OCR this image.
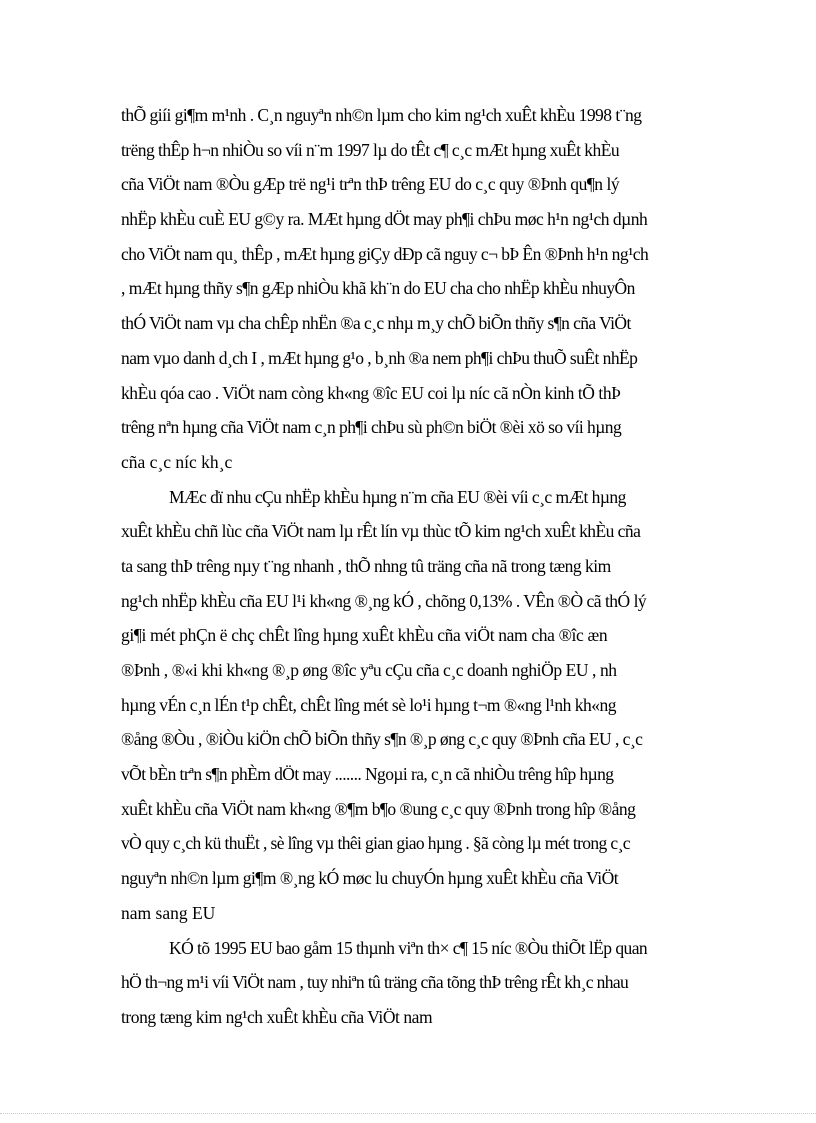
thÕ giíi gi¶m m¹nh . C¸n nguyªn nh©n lµm cho kim ng¹ch xuÊt khÈu 1998 t¨ng
trëng thÊp h¬n nhiÒu so víi n¨m 1997 lµ do tÊt c¶ c¸c mÆt hµng xuÊt khÈu
cña ViÖt nam ®Òu gÆp trë ng¹i trªn thÞ trêng EU do c¸c quy ®Þnh qu¶n lý
nhËp khÈu cuÈ EU g©y ra. MÆt hµng dÖt may ph¶i chÞu møc h¹n ng¹ch dµnh
cho ViÖt nam qu¸ thÊp , mÆt hµng giÇy dÐp cã nguy c¬ bÞ Ên ®Þnh h¹n ng¹ch
, mÆt hµng thñy s¶n gÆp nhiÒu khã kh¨n do EU cha cho nhËp khÈu nhuyÔn
thÓ ViÖt nam vµ cha chÊp nhËn ®a c¸c nhµ m¸y chÕ biÕn thñy s¶n cña ViÖt
nam vµo danh d¸ch I , mÆt hµng g¹o , b¸nh ®a nem ph¶i chÞu thuÕ suÊt nhËp
khÈu qóa cao . ViÖt nam còng kh«ng ®îc EU coi lµ níc cã nÒn kinh tÕ thÞ
trêng nªn hµng cña ViÖt nam c¸n ph¶i chÞu sù ph©n biÖt ®èi xö so víi hµng
cña c¸c níc kh¸c
MÆc dï nhu cÇu nhËp khÈu hµng n¨m cña EU ®èi víi c¸c mÆt hµng
xuÊt khÈu chñ lùc cña ViÖt nam lµ rÊt lín vµ thùc tÕ kim ng¹ch xuÊt khÈu cña
ta sang thÞ trêng nµy t¨ng nhanh , thÕ nhng tû träng cña nã trong tæng kim
ng¹ch nhËp khÈu cña EU l¹i kh«ng ®¸ng kÓ , chõng 0,13% . VÊn ®Ò cã thÓ lý
gi¶i mét phÇn ë chç chÊt lîng hµng xuÊt khÈu cña viÖt nam cha ®îc æn
®Þnh , ®«i khi kh«ng ®¸p øng ®îc yªu cÇu cña c¸c doanh nghiÖp EU , nh
hµng vÉn c¸n lÉn t¹p chÊt, chÊt lîng mét sè lo¹i hµng t¬m ®«ng l¹nh kh«ng
®ång ®Òu , ®iÒu kiÖn chÕ biÕn thñy s¶n ®¸p øng c¸c quy ®Þnh cña EU , c¸c
vÕt bÈn trªn s¶n phÈm dÖt may ....... Ngoµi ra, c¸n cã nhiÒu trêng hîp hµng
xuÊt khÈu cña ViÖt nam kh«ng ®¶m b¶o ®ung c¸c quy ®Þnh trong hîp ®ång
vÒ quy c¸ch kü thuËt , sè lîng vµ thêi gian giao hµng . §ã còng lµ mét trong c¸c
nguyªn nh©n lµm gi¶m ®¸ng kÓ møc lu chuyÓn hµng xuÊt khÈu cña ViÖt
nam sang EU
KÓ tõ 1995 EU bao gåm 15 thµnh viªn th× c¶ 15 níc ®Òu thiÕt lËp quan
hÖ th¬ng m¹i víi ViÖt nam , tuy nhiªn tû träng cña tõng thÞ trêng rÊt kh¸c nhau
trong tæng kim ng¹ch xuÊt khÈu cña ViÖt nam
